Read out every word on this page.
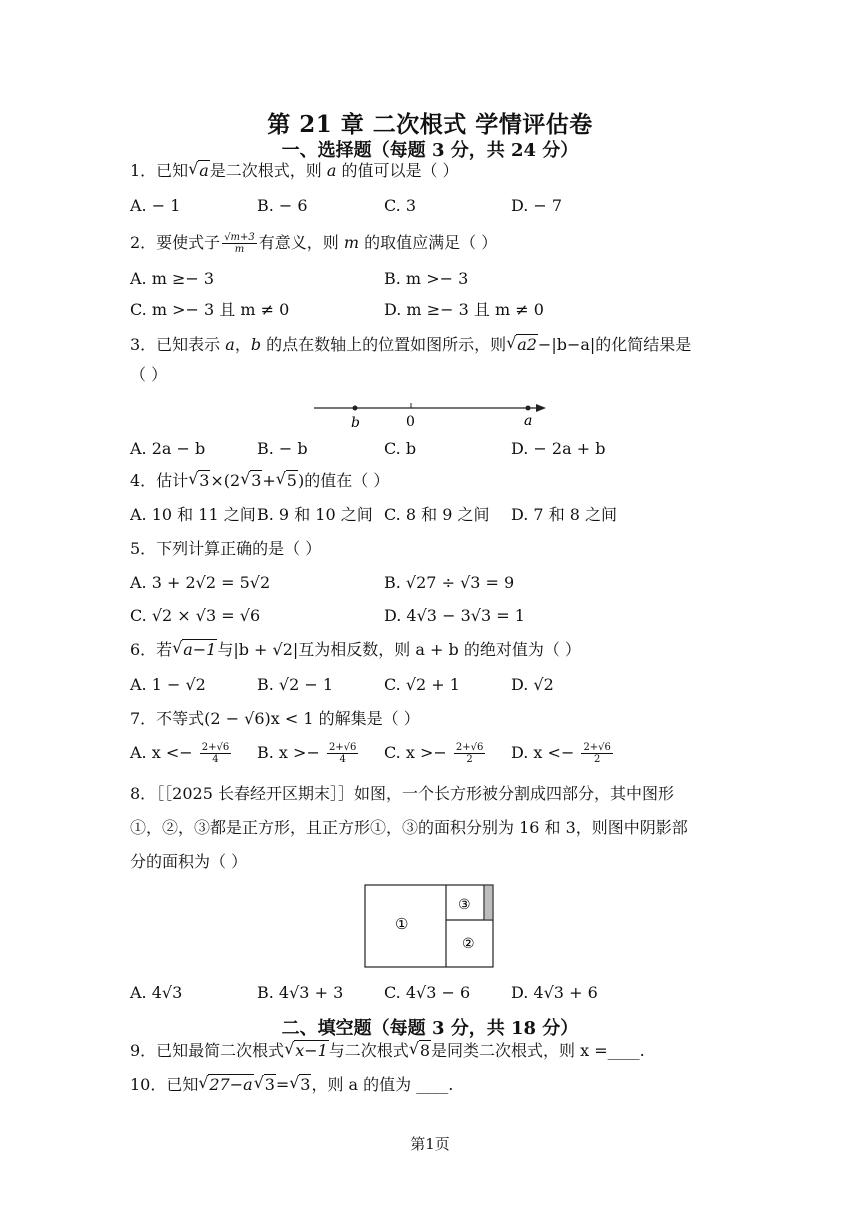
第 21 章 二次根式 学情评估卷
一、选择题（每题 3 分，共 24 分）
1．已知 √ a是二次根式，则 a 的值可以是（ ）
A. − 1	B. − 6	C. 3	D. − 7
2．要使式子 $\frac{√m+3}{m}$ 有意义，则 m 的取值应满足（ ）
A. m ≥− 3	B. m >− 3
C. m >− 3 且 m ≠ 0	D. m ≥− 3 且 m ≠ 0
3．已知表示 a，b 的点在数轴上的位置如图所示，则 √ a2−|b−a|的化简结果是
（ ）
b	0	a
A. 2a − b	B. − b	C. b	D. − 2a + b
4．估计 √ 3×(2 √ 3+ √ 5)的值在（ ）
A. 10 和 11 之间 B. 9 和 10 之间 C. 8 和 9 之间 D. 7 和 8 之间
5．下列计算正确的是（ ）
A. 3 + 2√2 = 5√2	B. √27 ÷ √3 = 9
C. √2 × √3 = √6	D. 4√3 − 3√3 = 1
6．若 √ a−1与|b + √2|互为相反数，则 a + b 的绝对值为（ ）
A. 1 − √2	B. √2 − 1	C. √2 + 1	D. √2
7．不等式(2 − √6)x < 1 的解集是（ ）
A. $x <- \frac{2+√6}{4} B$. $x >- \frac{2+√6}{4} C$. $x >- \frac{2+√6}{2} D$. $x <- \frac{2+√6}{2}$
8．［［2025 长春经开区期末］］如图，一个长方形被分割成四部分，其中图形
①，②，③都是正方形，且正方形①，③的面积分别为 16 和 3，则图中阴影部
分的面积为（ ）
①
③
②
A. 4√3	B. 4√3 + 3	C. 4√3 − 6	D. 4√3 + 6
二、填空题（每题 3 分，共 18 分）
9．已知最简二次根式 √ x−1与二次根式 √ 8是同类二次根式，则 x =____.
10．已知 √ 27−a √ 3= √ 3，则 a 的值为 ____.
第1页
